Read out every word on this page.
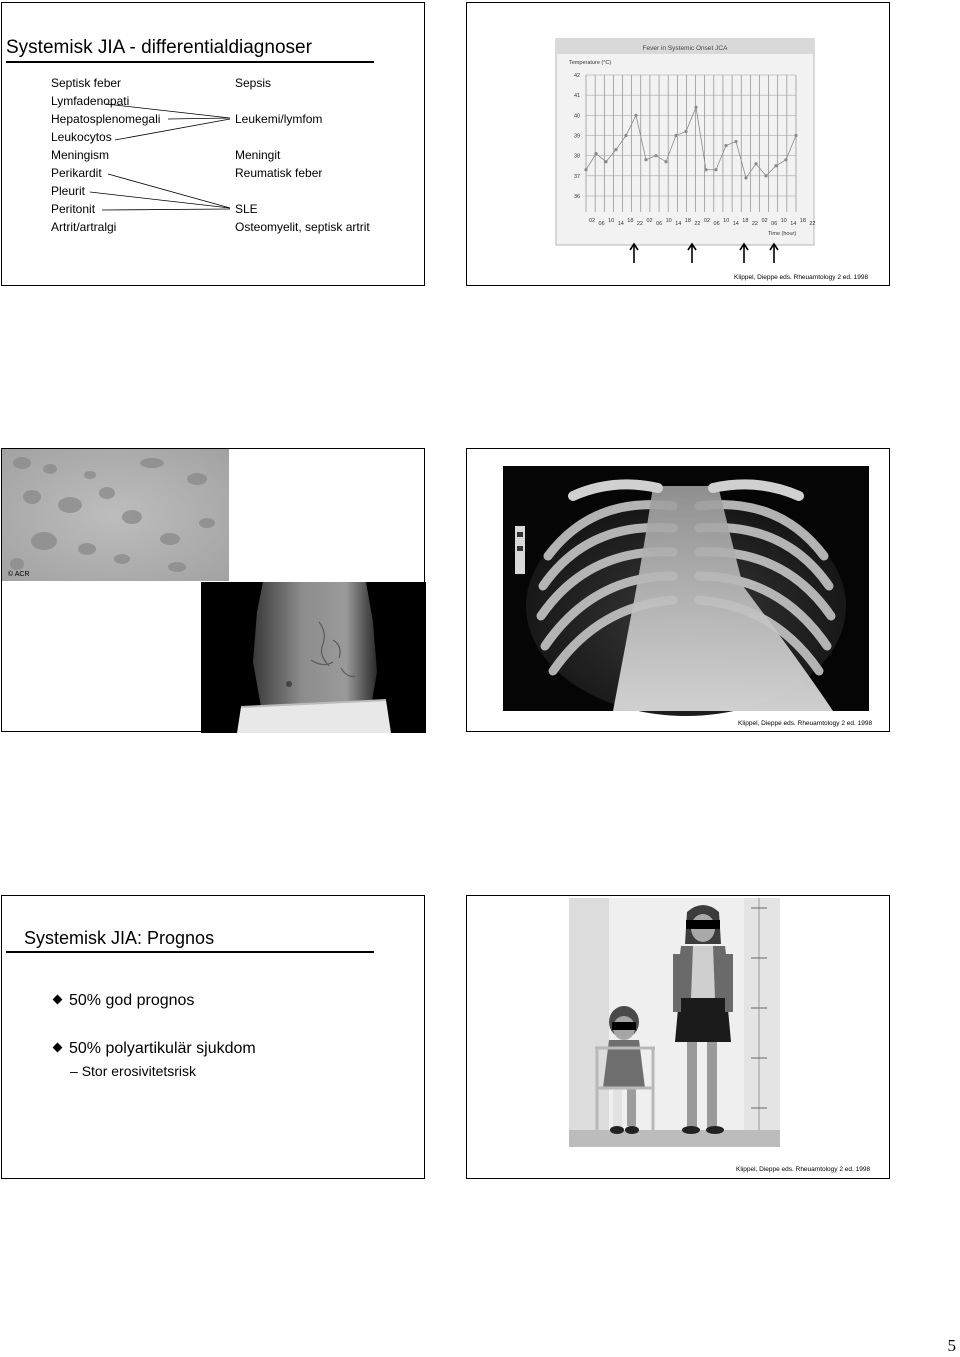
Systemisk JIA - differentialdiagnoser
Septisk feber
Lymfadenopati
Hepatosplenomegali
Leukocytos
Meningism
Perikardit
Pleurit
Peritonit
Artrit/artralgi
Sepsis
Leukemi/lymfom
Meningit
Reumatisk feber
SLE
Osteomyelit, septisk artrit
Fever in Systemic Onset JCA
Temperature (°C)
Time (hour)
42
41
40
39
38
37
36
02 06 10 14 18 22 02 06 10 14 18 22 02 06 10 14 18 22 02 06 10 14 18 22
Klippel, Dieppe eds. Rheuamtology 2 ed. 1998
© ACR
Klippel, Dieppe eds. Rheuamtology 2 ed. 1998
Systemisk JIA: Prognos
50% god prognos
50% polyartikulär sjukdom
– Stor erosivitetsrisk
Klippel, Dieppe eds. Rheuamtology 2 ed. 1998
5
